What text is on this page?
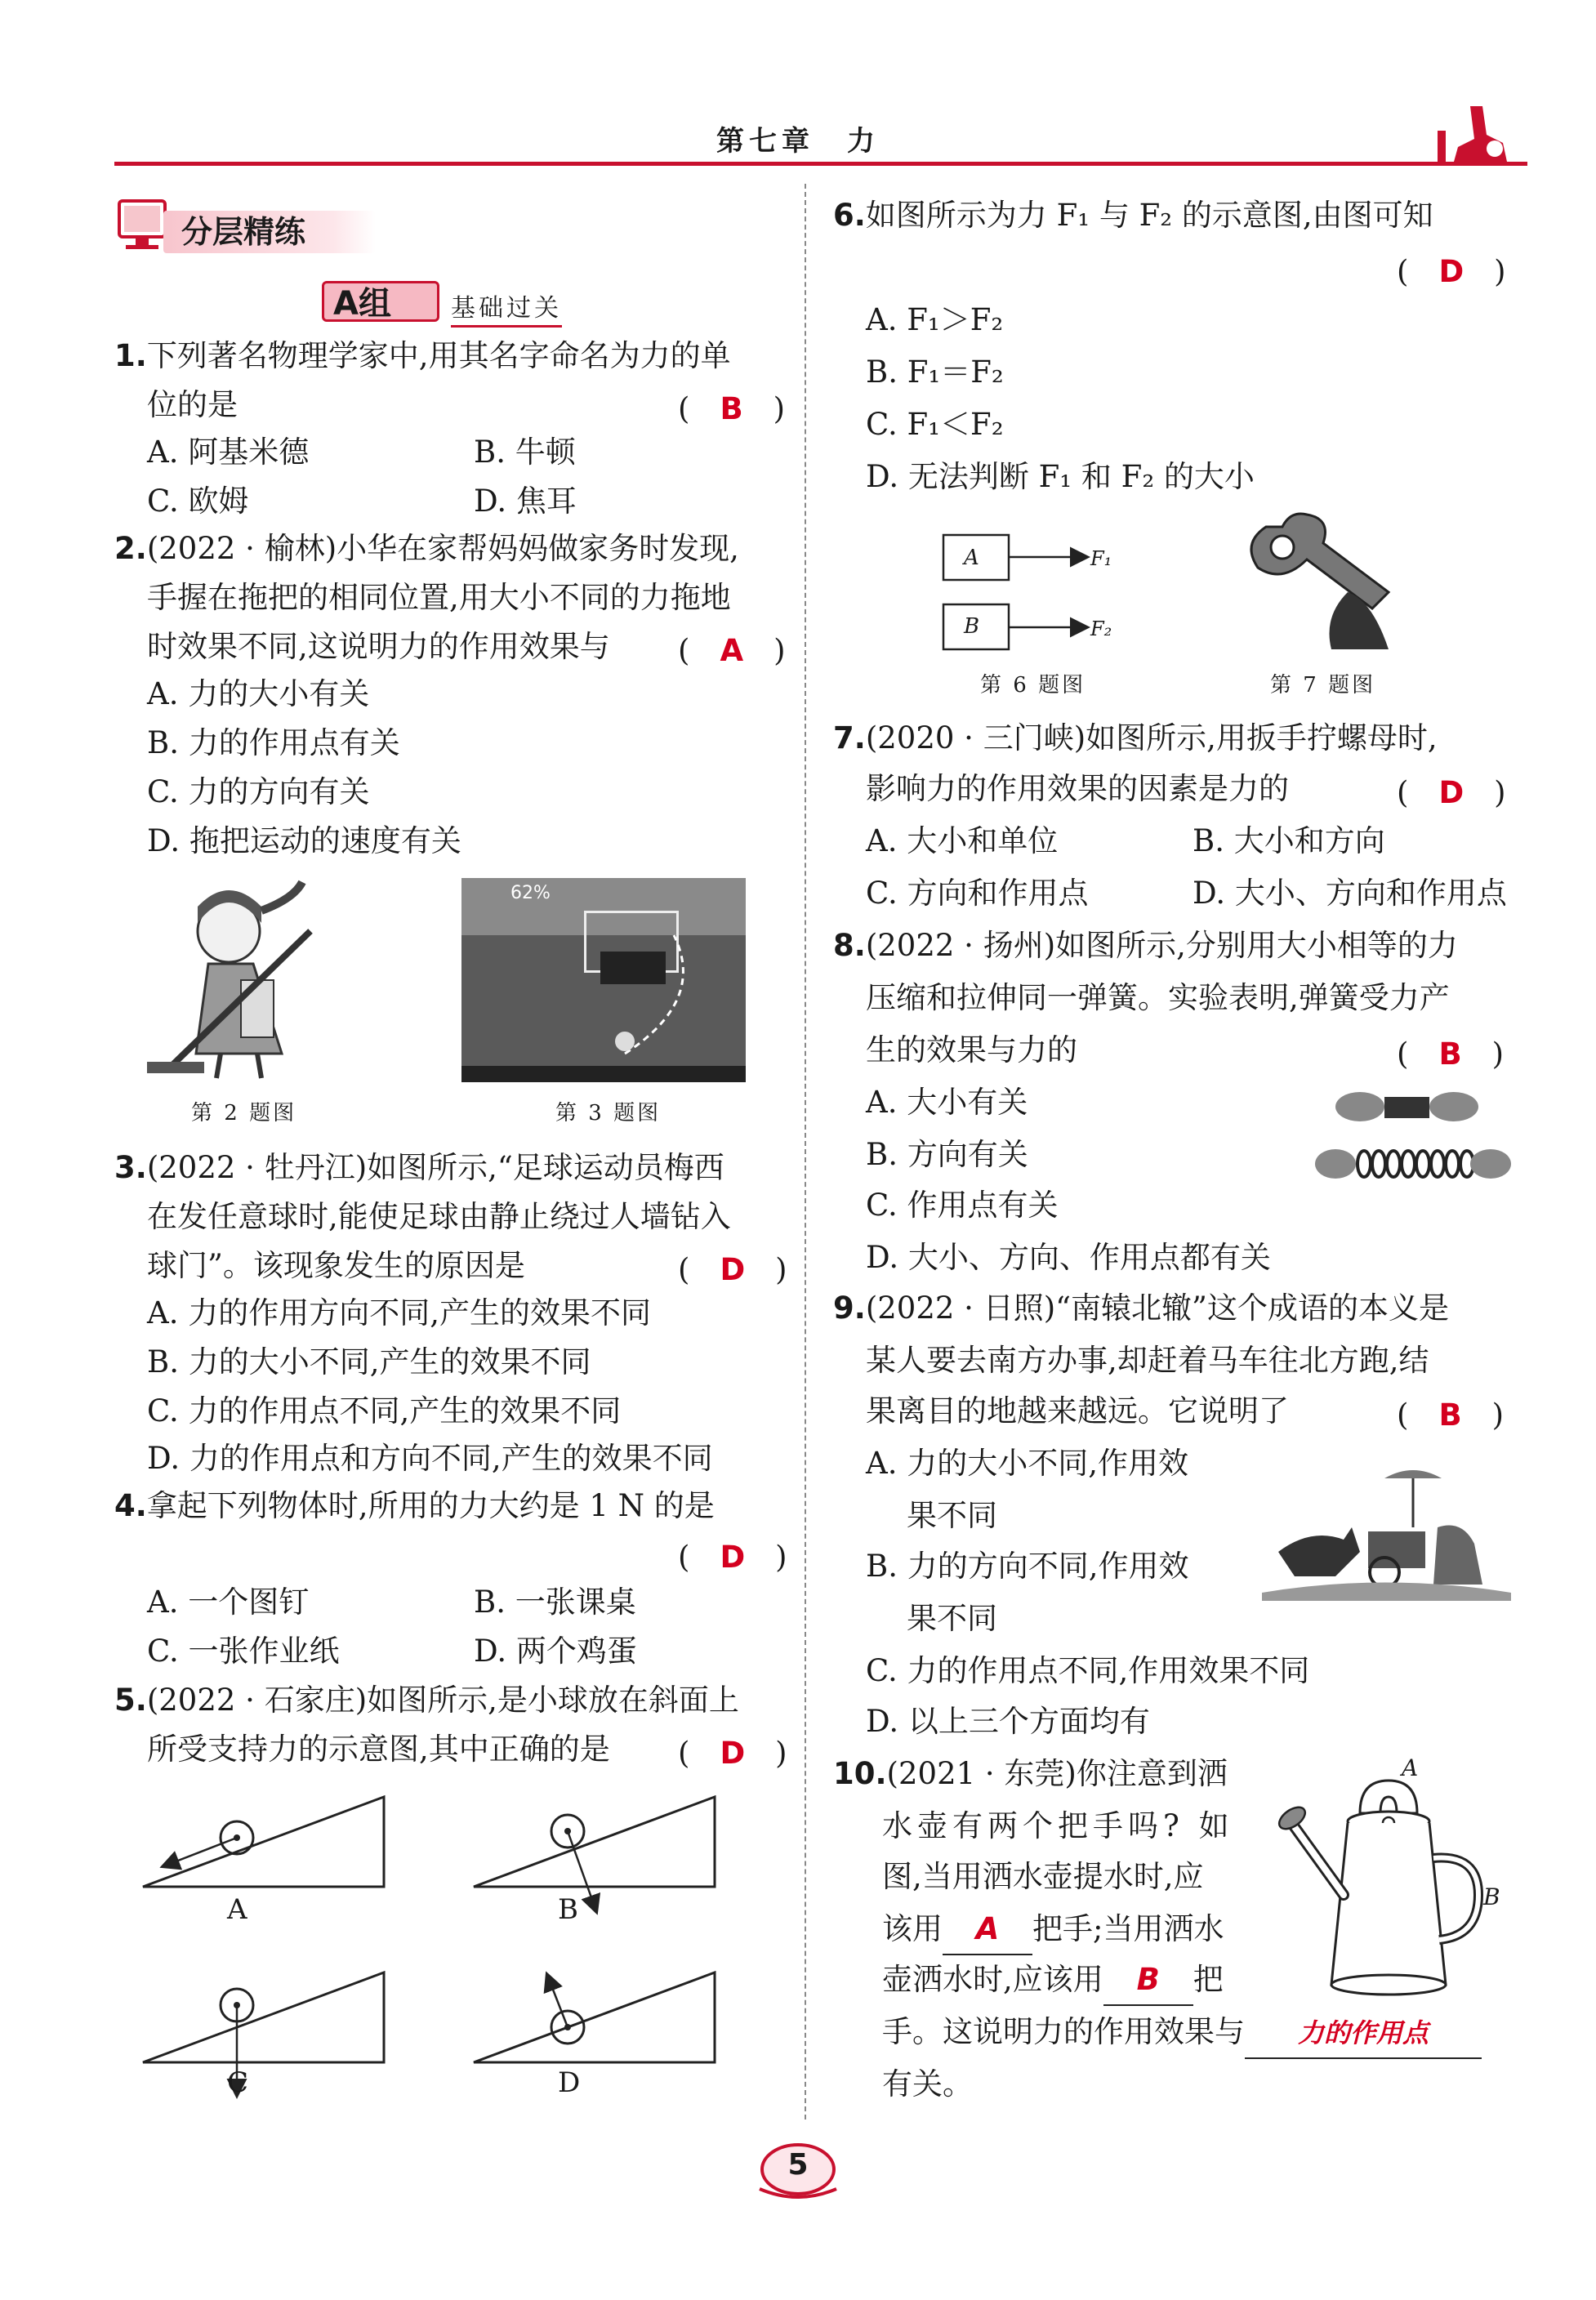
第七章　力
分层精练
A组 基础过关
1.下列著名物理学家中,用其名字命名为力的单
位的是	(　B　)
A. 阿基米德	B. 牛顿
C. 欧姆	D. 焦耳
2.(2022 · 榆林)小华在家帮妈妈做家务时发现,
手握在拖把的相同位置,用大小不同的力拖地
时效果不同,这说明力的作用效果与 (　A　)
A. 力的大小有关
B. 力的作用点有关
C. 力的方向有关
D. 拖把运动的速度有关
第 2 题图
62%
第 3 题图
3.(2022 · 牡丹江)如图所示,“足球运动员梅西
在发任意球时,能使足球由静止绕过人墙钻入
球门”。该现象发生的原因是	(　D　)
A. 力的作用方向不同,产生的效果不同
B. 力的大小不同,产生的效果不同
C. 力的作用点不同,产生的效果不同
D. 力的作用点和方向不同,产生的效果不同
4.拿起下列物体时,所用的力大约是 1 N 的是
(　D　)
A. 一个图钉	B. 一张课桌
C. 一张作业纸	D. 两个鸡蛋
5.(2022 · 石家庄)如图所示,是小球放在斜面上
所受支持力的示意图,其中正确的是 (　D　)
A	B
C	D
6.如图所示为力 F₁ 与 F₂ 的示意图,由图可知
(　D　)
A. F₁＞F₂
B. F₁＝F₂
C. F₁＜F₂
D. 无法判断 F₁ 和 F₂ 的大小
A
B
F₁
F₂
第 6 题图	第 7 题图
7.(2020 · 三门峡)如图所示,用扳手拧螺母时,
影响力的作用效果的因素是力的	(　D　)
A. 大小和单位	B. 大小和方向
C. 方向和作用点	D. 大小、方向和作用点
8.(2022 · 扬州)如图所示,分别用大小相等的力
压缩和拉伸同一弹簧。实验表明,弹簧受力产
生的效果与力的	(　B　)
A. 大小有关
B. 方向有关
C. 作用点有关
D. 大小、方向、作用点都有关
9.(2022 · 日照)“南辕北辙”这个成语的本义是
某人要去南方办事,却赶着马车往北方跑,结
果离目的地越来越远。它说明了	(　B　)
A. 力的大小不同,作用效
果不同
B. 力的方向不同,作用效
果不同
C. 力的作用点不同,作用效果不同
D. 以上三个方面均有
10.(2021 · 东莞)你注意到洒
水壶有两个把手吗? 如
图,当用洒水壶提水时,应
该用 A 把手;当用洒水
壶洒水时,应该用 B 把
手。这说明力的作用效果与 力的作用点
有关。
A
B
5
